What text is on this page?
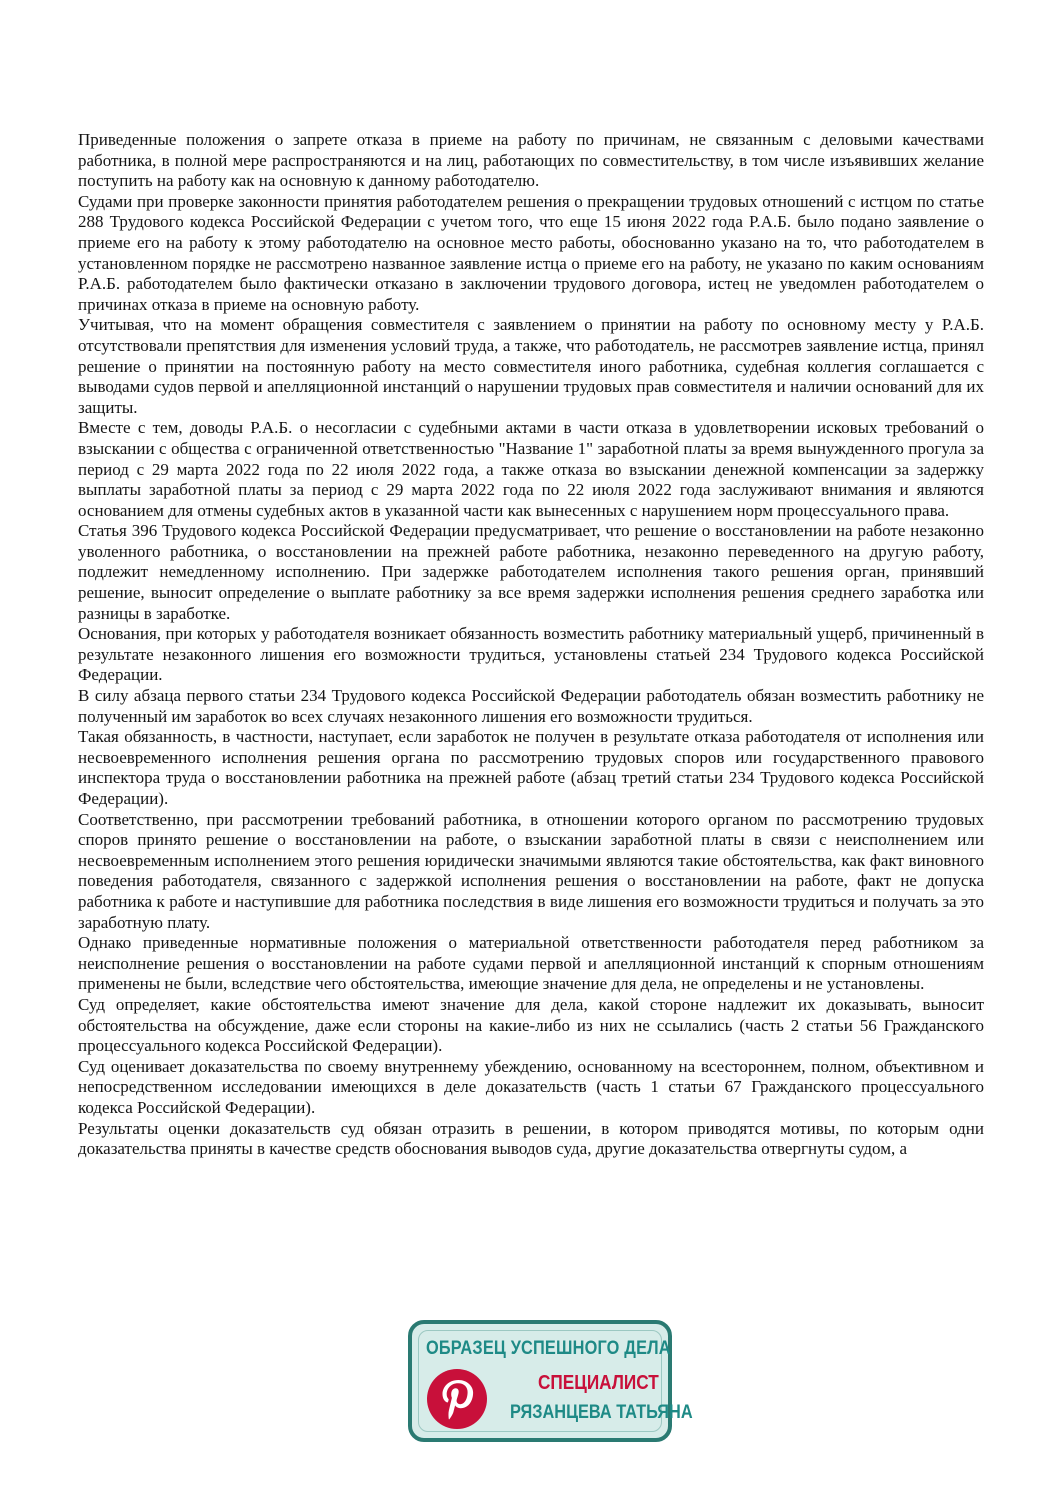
Приведенные положения о запрете отказа в приеме на работу по причинам, не связанным с деловыми качествами работника, в полной мере распространяются и на лиц, работающих по совместительству, в том числе изъявивших желание поступить на работу как на основную к данному работодателю.

Судами при проверке законности принятия работодателем решения о прекращении трудовых отношений с истцом по статье 288 Трудового кодекса Российской Федерации с учетом того, что еще 15 июня 2022 года Р.А.Б. было подано заявление о приеме его на работу к этому работодателю на основное место работы, обоснованно указано на то, что работодателем в установленном порядке не рассмотрено названное заявление истца о приеме его на работу, не указано по каким основаниям Р.А.Б. работодателем было фактически отказано в заключении трудового договора, истец не уведомлен работодателем о причинах отказа в приеме на основную работу.

Учитывая, что на момент обращения совместителя с заявлением о принятии на работу по основному месту у Р.А.Б. отсутствовали препятствия для изменения условий труда, а также, что работодатель, не рассмотрев заявление истца, принял решение о принятии на постоянную работу на место совместителя иного работника, судебная коллегия соглашается с выводами судов первой и апелляционной инстанций о нарушении трудовых прав совместителя и наличии оснований для их защиты.

Вместе с тем, доводы Р.А.Б. о несогласии с судебными актами в части отказа в удовлетворении исковых требований о взыскании с общества с ограниченной ответственностью "Название 1" заработной платы за время вынужденного прогула за период с 29 марта 2022 года по 22 июля 2022 года, а также отказа во взыскании денежной компенсации за задержку выплаты заработной платы за период с 29 марта 2022 года по 22 июля 2022 года заслуживают внимания и являются основанием для отмены судебных актов в указанной части как вынесенных с нарушением норм процессуального права.

Статья 396 Трудового кодекса Российской Федерации предусматривает, что решение о восстановлении на работе незаконно уволенного работника, о восстановлении на прежней работе работника, незаконно переведенного на другую работу, подлежит немедленному исполнению. При задержке работодателем исполнения такого решения орган, принявший решение, выносит определение о выплате работнику за все время задержки исполнения решения среднего заработка или разницы в заработке.

Основания, при которых у работодателя возникает обязанность возместить работнику материальный ущерб, причиненный в результате незаконного лишения его возможности трудиться, установлены статьей 234 Трудового кодекса Российской Федерации.

В силу абзаца первого статьи 234 Трудового кодекса Российской Федерации работодатель обязан возместить работнику не полученный им заработок во всех случаях незаконного лишения его возможности трудиться.

Такая обязанность, в частности, наступает, если заработок не получен в результате отказа работодателя от исполнения или несвоевременного исполнения решения органа по рассмотрению трудовых споров или государственного правового инспектора труда о восстановлении работника на прежней работе (абзац третий статьи 234 Трудового кодекса Российской Федерации).

Соответственно, при рассмотрении требований работника, в отношении которого органом по рассмотрению трудовых споров принято решение о восстановлении на работе, о взыскании заработной платы в связи с неисполнением или несвоевременным исполнением этого решения юридически значимыми являются такие обстоятельства, как факт виновного поведения работодателя, связанного с задержкой исполнения решения о восстановлении на работе, факт не допуска работника к работе и наступившие для работника последствия в виде лишения его возможности трудиться и получать за это заработную плату.

Однако приведенные нормативные положения о материальной ответственности работодателя перед работником за неисполнение решения о восстановлении на работе судами первой и апелляционной инстанций к спорным отношениям применены не были, вследствие чего обстоятельства, имеющие значение для дела, не определены и не установлены.

Суд определяет, какие обстоятельства имеют значение для дела, какой стороне надлежит их доказывать, выносит обстоятельства на обсуждение, даже если стороны на какие-либо из них не ссылались (часть 2 статьи 56 Гражданского процессуального кодекса Российской Федерации).

Суд оценивает доказательства по своему внутреннему убеждению, основанному на всестороннем, полном, объективном и непосредственном исследовании имеющихся в деле доказательств (часть 1 статьи 67 Гражданского процессуального кодекса Российской Федерации).

Результаты оценки доказательств суд обязан отразить в решении, в котором приводятся мотивы, по которым одни доказательства приняты в качестве средств обоснования выводов суда, другие доказательства отвергнуты судом, а

ОБРАЗЕЦ УСПЕШНОГО ДЕЛА
СПЕЦИАЛИСТ
РЯЗАНЦЕВА ТАТЬЯНА
